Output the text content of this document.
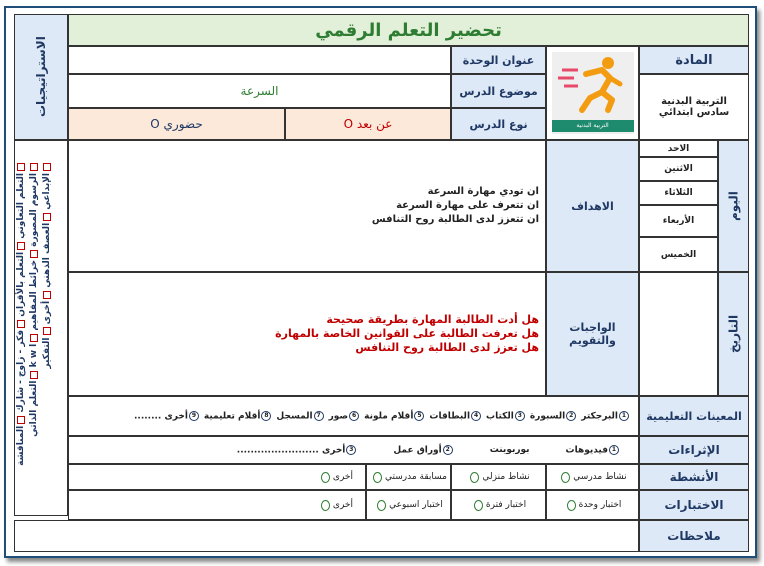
تحضير التعلم الرقمي
الاستراتيجيات
التعلم التعاوني التعلم بالأقران فكر - زاوج - شارك المناقشة
الرسوم المصورة خرائط المفاهيم k w l التعلم الذاتي
الإبداعي العصف الذهني أخرى التفكير
المادة
التربية البدنية
سادس ابتدائي
التربية البدنية
عنوان الوحدة
موضوع الدرس
نوع الدرس
السرعة
عن بعد O
حضوري O
اليوم
التاريخ
الاحد
الاثنين
الثلاثاء
الأربعاء
الخميس
الاهداف
ان تودي مهارة السرعة
ان تتعرف على مهارة السرعة
ان تتعزز لدى الطالبة روح التنافس
الواجبات والتقويم
هل أدت الطالبة المهارة بطريقة صحيحة
هل تعرفت الطالبة على القوانين الخاصة بالمهارة
هل تعزز لدى الطالبة روح التنافس
المعينات التعليمية
1البرجكتر
2السبورة
3الكتاب
4البطاقات
5أقلام ملونة
6صور
7المسجل
8أقلام تعليمية
9أخرى ........
الإثراءات
1فيديوهات
بوربوينت
2أوراق عمل
3أخرى ........................
الأنشطة
نشاط مدرسي
نشاط منزلي
مسابقة مدرستي
أخرى
الاختبارات
اختبار وحدة
اختبار فترة
اختبار اسبوعي
أخرى
ملاحظات
